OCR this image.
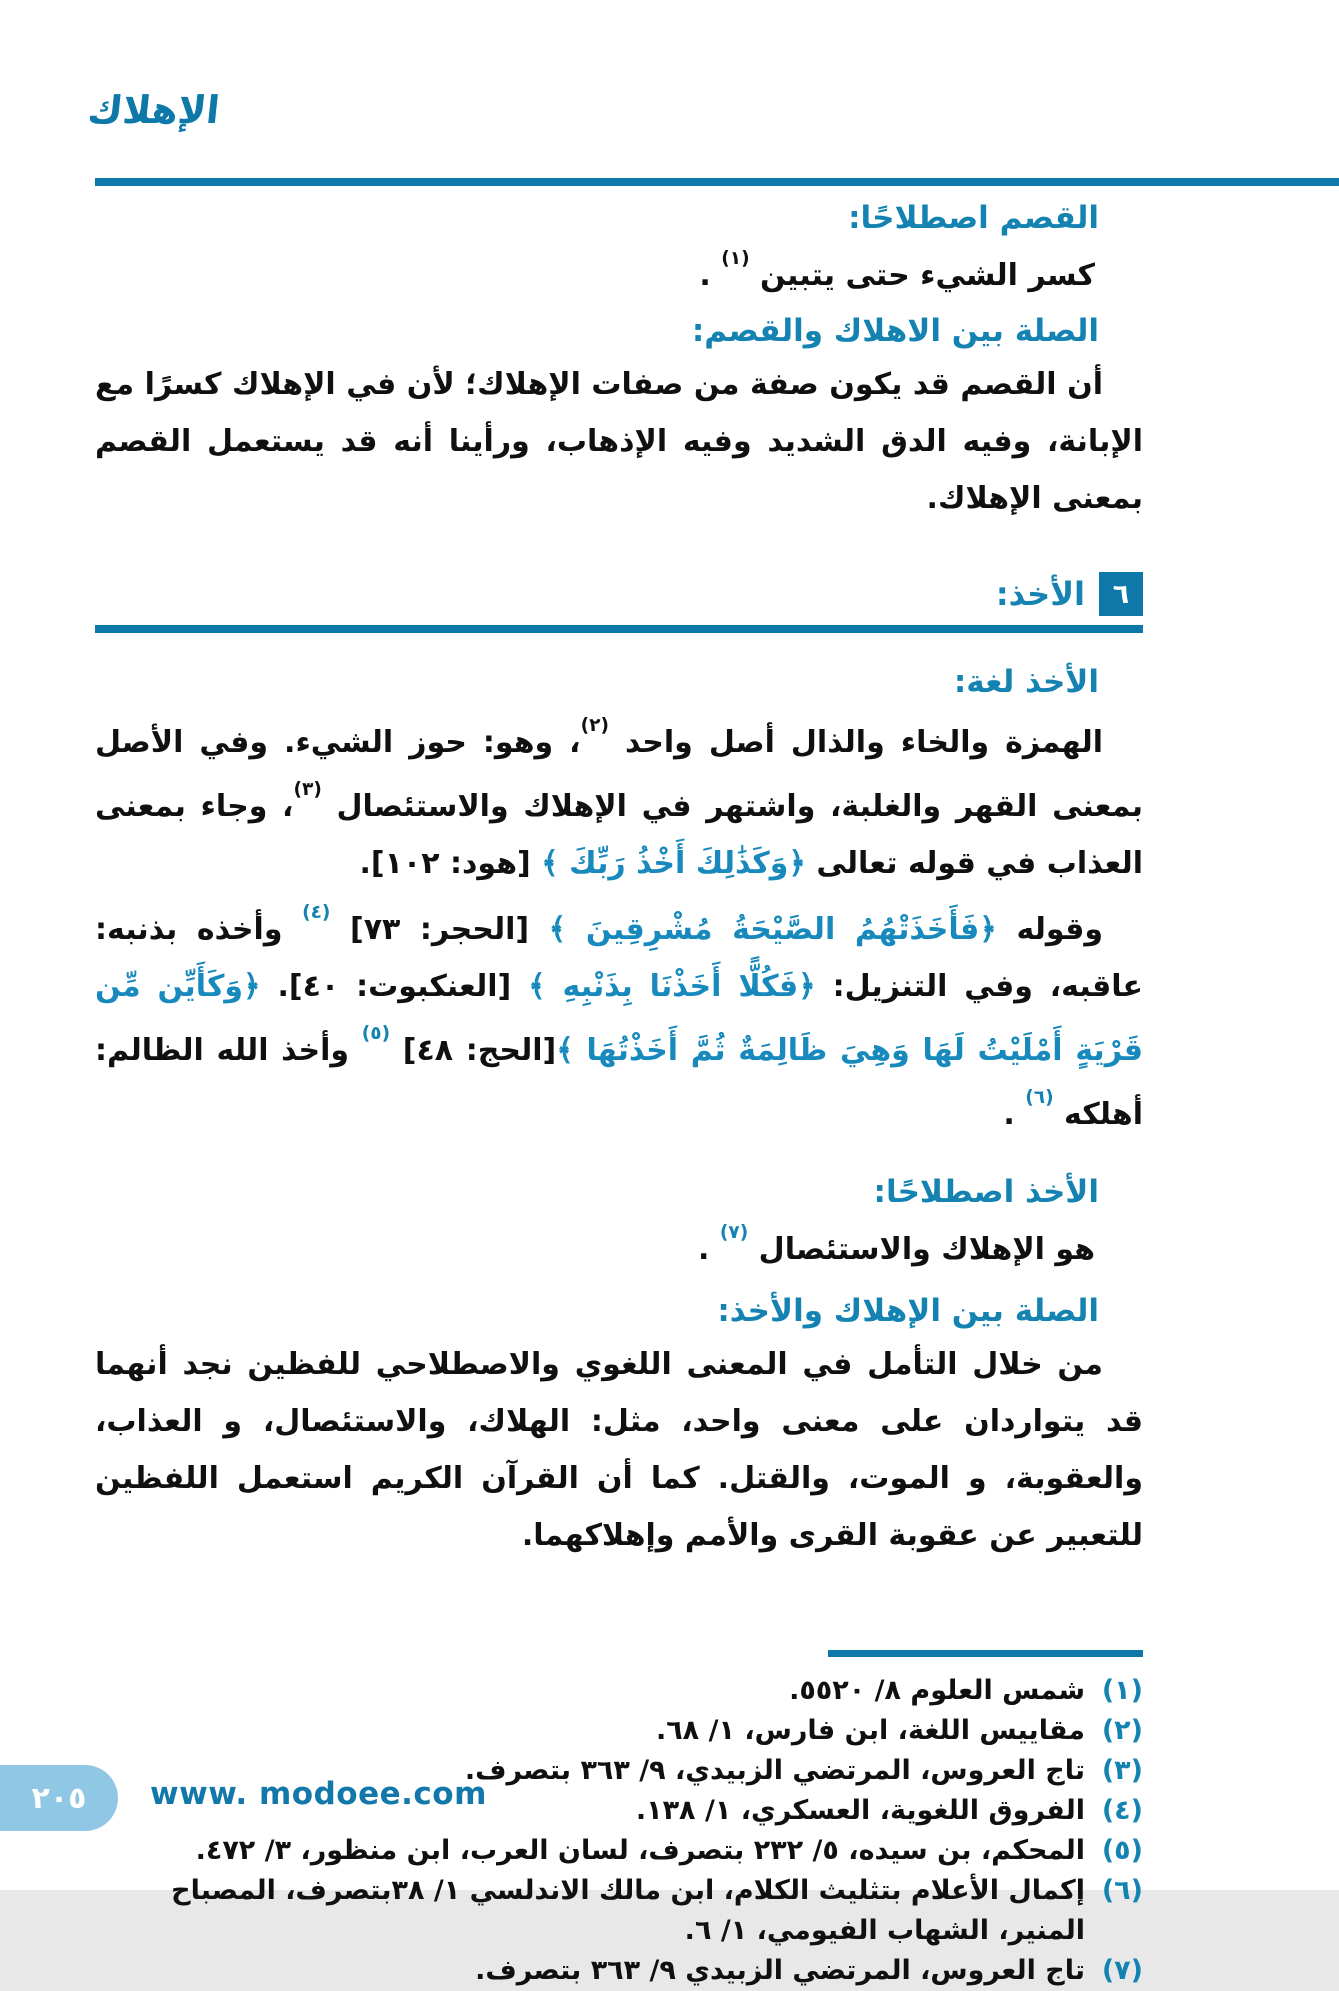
الإهلاك
القصم اصطلاحًا:
كسر الشيء حتى يتبين $^{(١)}$ .
الصلة بين الاهلاك والقصم:
أن القصم قد يكون صفة من صفات الإهلاك؛ لأن في الإهلاك كسرًا مع الإبانة، وفيه الدق الشديد وفيه الإذهاب، ورأينا أنه قد يستعمل القصم بمعنى الإهلاك.
٦
الأخذ:
الأخذ لغة:
الهمزة والخاء والذال أصل واحد $^{(٢)}$، وهو: حوز الشيء. وفي الأصل بمعنى القهر والغلبة، واشتهر في الإهلاك والاستئصال $^{(٣)}$، وجاء بمعنى العذاب في قوله تعالى ﴿وَكَذَٰلِكَ أَخْذُ رَبِّكَ ﴾ [هود: ١٠٢].
وقوله ﴿فَأَخَذَتْهُمُ الصَّيْحَةُ مُشْرِقِينَ ﴾ [الحجر: ٧٣] $^{(٤)}$ وأخذه بذنبه: عاقبه، وفي التنزيل: ﴿فَكُلًّا أَخَذْنَا بِذَنْبِهِ ﴾ [العنكبوت: ٤٠]. ﴿وَكَأَيِّن مِّن قَرْيَةٍ أَمْلَيْتُ لَهَا وَهِيَ ظَالِمَةٌ ثُمَّ أَخَذْتُهَا ﴾[الحج: ٤٨] $^{(٥)}$ وأخذ الله الظالم: أهلكه $^{(٦)}$ .
الأخذ اصطلاحًا:
هو الإهلاك والاستئصال $^{(٧)}$ .
الصلة بين الإهلاك والأخذ:
من خلال التأمل في المعنى اللغوي والاصطلاحي للفظين نجد أنهما قد يتواردان على معنى واحد، مثل: الهلاك، والاستئصال، و العذاب، والعقوبة، و الموت، والقتل. كما أن القرآن الكريم استعمل اللفظين للتعبير عن عقوبة القرى والأمم وإهلاكهما.
(١)
شمس العلوم ٨/ ٥٥٢٠.
(٢)
مقاييس اللغة، ابن فارس، ١/ ٦٨.
(٣)
تاج العروس، المرتضي الزبيدي، ٩/ ٣٦٣ بتصرف.
(٤)
الفروق اللغوية، العسكري، ١/ ١٣٨.
(٥)
المحكم، بن سيده، ٥/ ٢٣٢ بتصرف، لسان العرب، ابن منظور، ٣/ ٤٧٢.
(٦)
إكمال الأعلام بتثليث الكلام، ابن مالك الاندلسي ١/ ٣٨بتصرف، المصباح المنير، الشهاب الفيومي، ١/ ٦.
(٧)
تاج العروس، المرتضي الزبيدي ٩/ ٣٦٣ بتصرف.
٢٠٥ www. modoee.com
